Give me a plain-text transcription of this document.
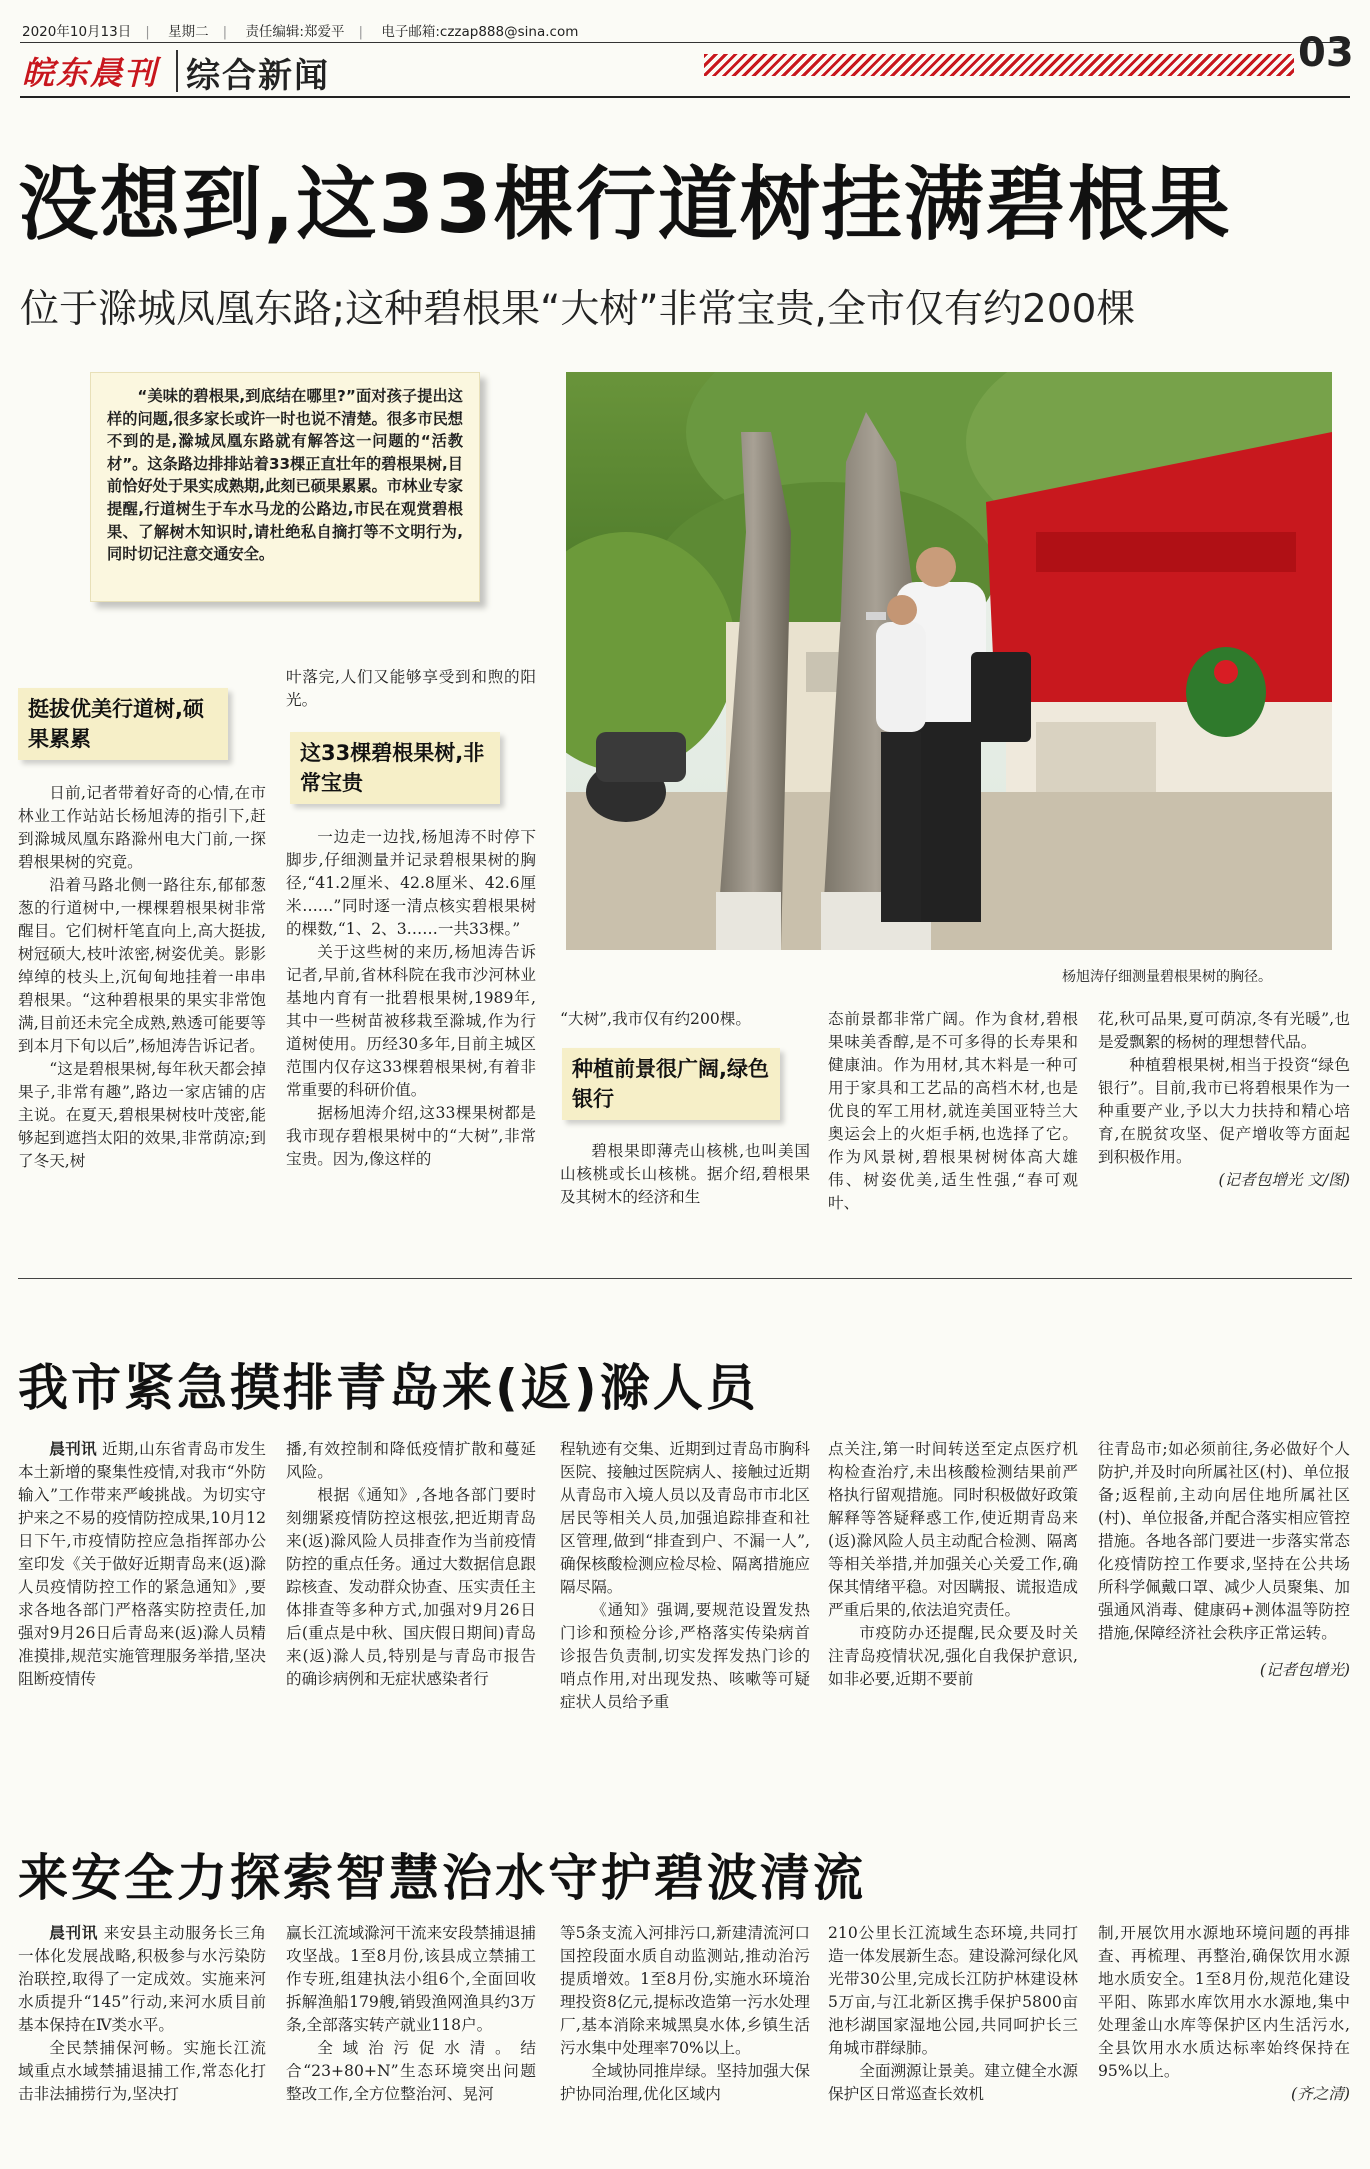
2020年10月13日 | 星期二 | 责任编辑:郑爱平 | 电子邮箱:czzap888@sina.com
皖东晨刊 综合新闻	03
没想到,这33棵行道树挂满碧根果
位于滁城凤凰东路;这种碧根果“大树”非常宝贵,全市仅有约200棵

“美味的碧根果,到底结在哪里?”面对孩子提出这样的问题,很多家长或许一时也说不清楚。很多市民想不到的是,滁城凤凰东路就有解答这一问题的“活教材”。这条路边排排站着33棵正直壮年的碧根果树,目前恰好处于果实成熟期,此刻已硕果累累。市林业专家提醒,行道树生于车水马龙的公路边,市民在观赏碧根果、了解树木知识时,请杜绝私自摘打等不文明行为,同时切记注意交通安全。

杨旭涛仔细测量碧根果树的胸径。
挺拔优美行道树,硕果累累

日前,记者带着好奇的心情,在市林业工作站站长杨旭涛的指引下,赶到滁城凤凰东路滁州电大门前,一探碧根果树的究竟。

沿着马路北侧一路往东,郁郁葱葱的行道树中,一棵棵碧根果树非常醒目。它们树杆笔直向上,高大挺拔,树冠硕大,枝叶浓密,树姿优美。影影绰绰的枝头上,沉甸甸地挂着一串串碧根果。“这种碧根果的果实非常饱满,目前还未完全成熟,熟透可能要等到本月下旬以后”,杨旭涛告诉记者。

“这是碧根果树,每年秋天都会掉果子,非常有趣”,路边一家店铺的店主说。在夏天,碧根果树枝叶茂密,能够起到遮挡太阳的效果,非常荫凉;到了冬天,树

叶落完,人们又能够享受到和煦的阳光。

这33棵碧根果树,非常宝贵

一边走一边找,杨旭涛不时停下脚步,仔细测量并记录碧根果树的胸径,“41.2厘米、42.8厘米、42.6厘米……”同时逐一清点核实碧根果树的棵数,“1、2、3……一共33棵。”

关于这些树的来历,杨旭涛告诉记者,早前,省林科院在我市沙河林业基地内育有一批碧根果树,1989年,其中一些树苗被移栽至滁城,作为行道树使用。历经30多年,目前主城区范围内仅存这33棵碧根果树,有着非常重要的科研价值。

据杨旭涛介绍,这33棵果树都是我市现存碧根果树中的“大树”,非常宝贵。因为,像这样的

“大树”,我市仅有约200棵。

种植前景很广阔,绿色银行

碧根果即薄壳山核桃,也叫美国山核桃或长山核桃。据介绍,碧根果及其树木的经济和生

态前景都非常广阔。作为食材,碧根果味美香醇,是不可多得的长寿果和健康油。作为用材,其木料是一种可用于家具和工艺品的高档木材,也是优良的军工用材,就连美国亚特兰大奥运会上的火炬手柄,也选择了它。作为风景树,碧根果树树体高大雄伟、树姿优美,适生性强,“春可观叶、

花,秋可品果,夏可荫凉,冬有光暖”,也是爱飘絮的杨树的理想替代品。

种植碧根果树,相当于投资“绿色银行”。目前,我市已将碧根果作为一种重要产业,予以大力扶持和精心培育,在脱贫攻坚、促产增收等方面起到积极作用。

(记者包增光 文/图)

我市紧急摸排青岛来(返)滁人员

晨刊讯 近期,山东省青岛市发生本土新增的聚集性疫情,对我市“外防输入”工作带来严峻挑战。为切实守护来之不易的疫情防控成果,10月12日下午,市疫情防控应急指挥部办公室印发《关于做好近期青岛来(返)滁人员疫情防控工作的紧急通知》,要求各地各部门严格落实防控责任,加强对9月26日后青岛来(返)滁人员精准摸排,规范实施管理服务举措,坚决阻断疫情传

播,有效控制和降低疫情扩散和蔓延风险。

根据《通知》,各地各部门要时刻绷紧疫情防控这根弦,把近期青岛来(返)滁风险人员排查作为当前疫情防控的重点任务。通过大数据信息跟踪核查、发动群众协查、压实责任主体排查等多种方式,加强对9月26日后(重点是中秋、国庆假日期间)青岛来(返)滁人员,特别是与青岛市报告的确诊病例和无症状感染者行

程轨迹有交集、近期到过青岛市胸科医院、接触过医院病人、接触过近期从青岛市入境人员以及青岛市市北区居民等相关人员,加强追踪排查和社区管理,做到“排查到户、不漏一人”,确保核酸检测应检尽检、隔离措施应隔尽隔。

《通知》强调,要规范设置发热门诊和预检分诊,严格落实传染病首诊报告负责制,切实发挥发热门诊的哨点作用,对出现发热、咳嗽等可疑症状人员给予重

点关注,第一时间转送至定点医疗机构检查治疗,未出核酸检测结果前严格执行留观措施。同时积极做好政策解释等答疑释惑工作,使近期青岛来(返)滁风险人员主动配合检测、隔离等相关举措,并加强关心关爱工作,确保其情绪平稳。对因瞒报、谎报造成严重后果的,依法追究责任。

市疫防办还提醒,民众要及时关注青岛疫情状况,强化自我保护意识,如非必要,近期不要前

往青岛市;如必须前往,务必做好个人防护,并及时向所属社区(村)、单位报备;返程前,主动向居住地所属社区(村)、单位报备,并配合落实相应管控措施。各地各部门要进一步落实常态化疫情防控工作要求,坚持在公共场所科学佩戴口罩、减少人员聚集、加强通风消毒、健康码+测体温等防控措施,保障经济社会秩序正常运转。

(记者包增光)

来安全力探索智慧治水守护碧波清流

晨刊讯 来安县主动服务长三角一体化发展战略,积极参与水污染防治联控,取得了一定成效。实施来河水质提升“145”行动,来河水质目前基本保持在Ⅳ类水平。

全民禁捕保河畅。实施长江流域重点水域禁捕退捕工作,常态化打击非法捕捞行为,坚决打

赢长江流域滁河干流来安段禁捕退捕攻坚战。1至8月份,该县成立禁捕工作专班,组建执法小组6个,全面回收拆解渔船179艘,销毁渔网渔具约3万条,全部落实转产就业118户。

全域治污促水清。结合“23+80+N”生态环境突出问题整改工作,全方位整治河、晃河

等5条支流入河排污口,新建清流河口国控段面水质自动监测站,推动治污提质增效。1至8月份,实施水环境治理投资8亿元,提标改造第一污水处理厂,基本消除来城黑臭水体,乡镇生活污水集中处理率70%以上。

全域协同推岸绿。坚持加强大保护协同治理,优化区域内

210公里长江流域生态环境,共同打造一体发展新生态。建设滁河绿化风光带30公里,完成长江防护林建设林5万亩,与江北新区携手保护5800亩池杉湖国家湿地公园,共同呵护长三角城市群绿肺。

全面溯源让景美。建立健全水源保护区日常巡查长效机

制,开展饮用水源地环境问题的再排查、再梳理、再整治,确保饮用水源地水质安全。1至8月份,规范化建设平阳、陈郢水库饮用水水源地,集中处理釜山水库等保护区内生活污水,全县饮用水水质达标率始终保持在95%以上。

(齐之清)
